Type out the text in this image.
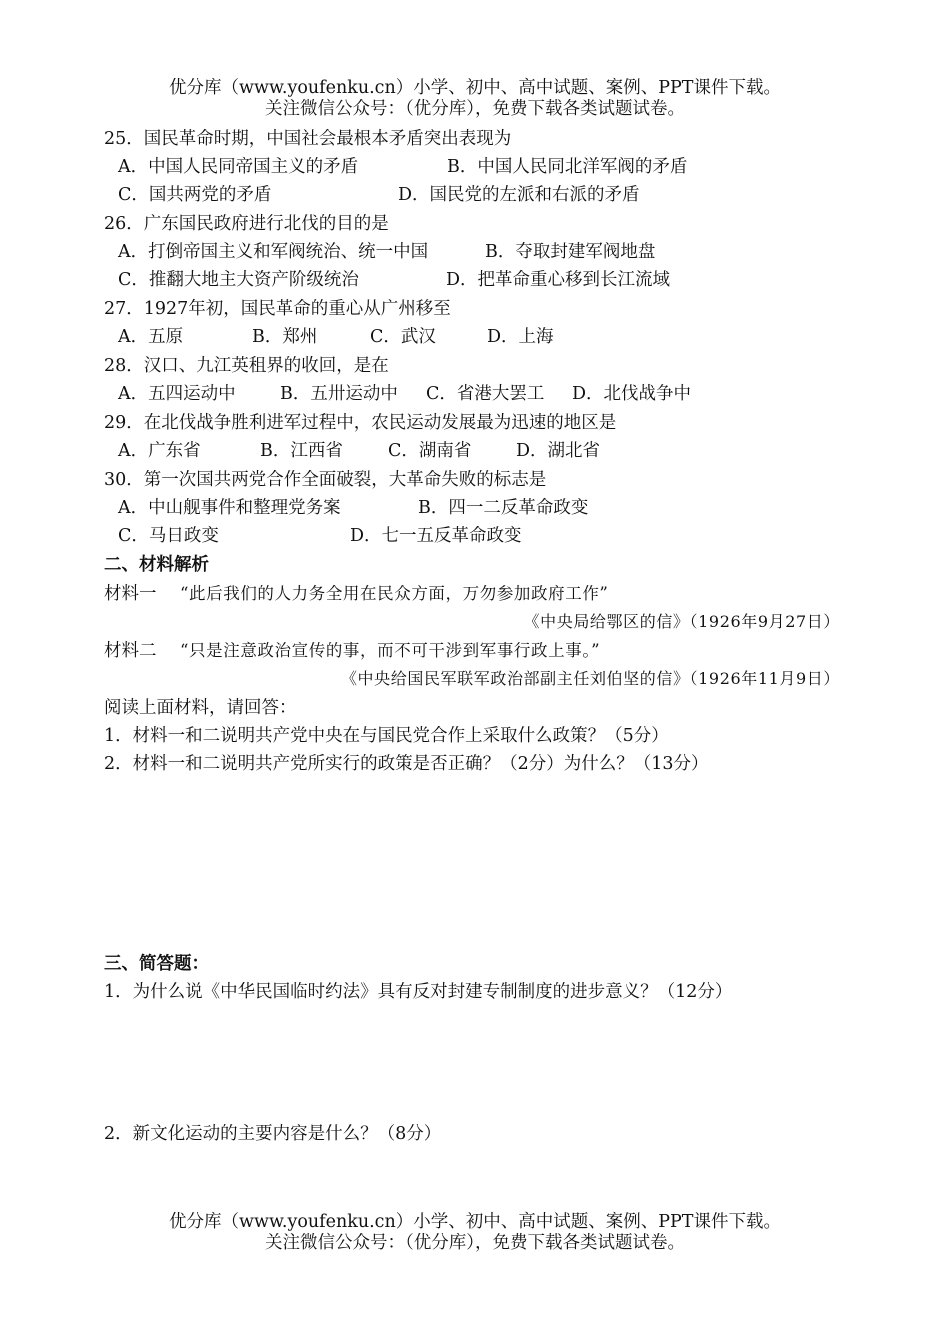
优分库（www.youfenku.cn）小学、初中、高中试题、案例、PPT课件下载。
关注微信公众号：（优分库），免费下载各类试题试卷。
25．国民革命时期，中国社会最根本矛盾突出表现为
A．中国人民同帝国主义的矛盾	B．中国人民同北洋军阀的矛盾
C．国共两党的矛盾	D．国民党的左派和右派的矛盾
26．广东国民政府进行北伐的目的是
A．打倒帝国主义和军阀统治、统一中国	B．夺取封建军阀地盘
C．推翻大地主大资产阶级统治	D．把革命重心移到长江流域
27．1927年初，国民革命的重心从广州移至
A．五原	B．郑州	C．武汉	D．上海
28．汉口、九江英租界的收回，是在
A．五四运动中	B．五卅运动中 C．省港大罢工 D．北伐战争中
29．在北伐战争胜利进军过程中，农民运动发展最为迅速的地区是
A．广东省	B．江西省	C．湖南省	D．湖北省
30．第一次国共两党合作全面破裂，大革命失败的标志是
A．中山舰事件和整理党务案	B．四一二反革命政变
C．马日政变	D．七一五反革命政变
二、材料解析
材料一 “此后我们的人力务全用在民众方面，万勿参加政府工作”
《中央局给鄂区的信》（1926年9月27日）
材料二 “只是注意政治宣传的事，而不可干涉到军事行政上事。”
《中央给国民军联军政治部副主任刘伯坚的信》（1926年11月9日）
阅读上面材料，请回答：
1．材料一和二说明共产党中央在与国民党合作上采取什么政策？（5分）
2．材料一和二说明共产党所实行的政策是否正确？（2分）为什么？（13分）
三、简答题：
1．为什么说《中华民国临时约法》具有反对封建专制制度的进步意义？（12分）
2．新文化运动的主要内容是什么？（8分）
优分库（www.youfenku.cn）小学、初中、高中试题、案例、PPT课件下载。
关注微信公众号：（优分库），免费下载各类试题试卷。
